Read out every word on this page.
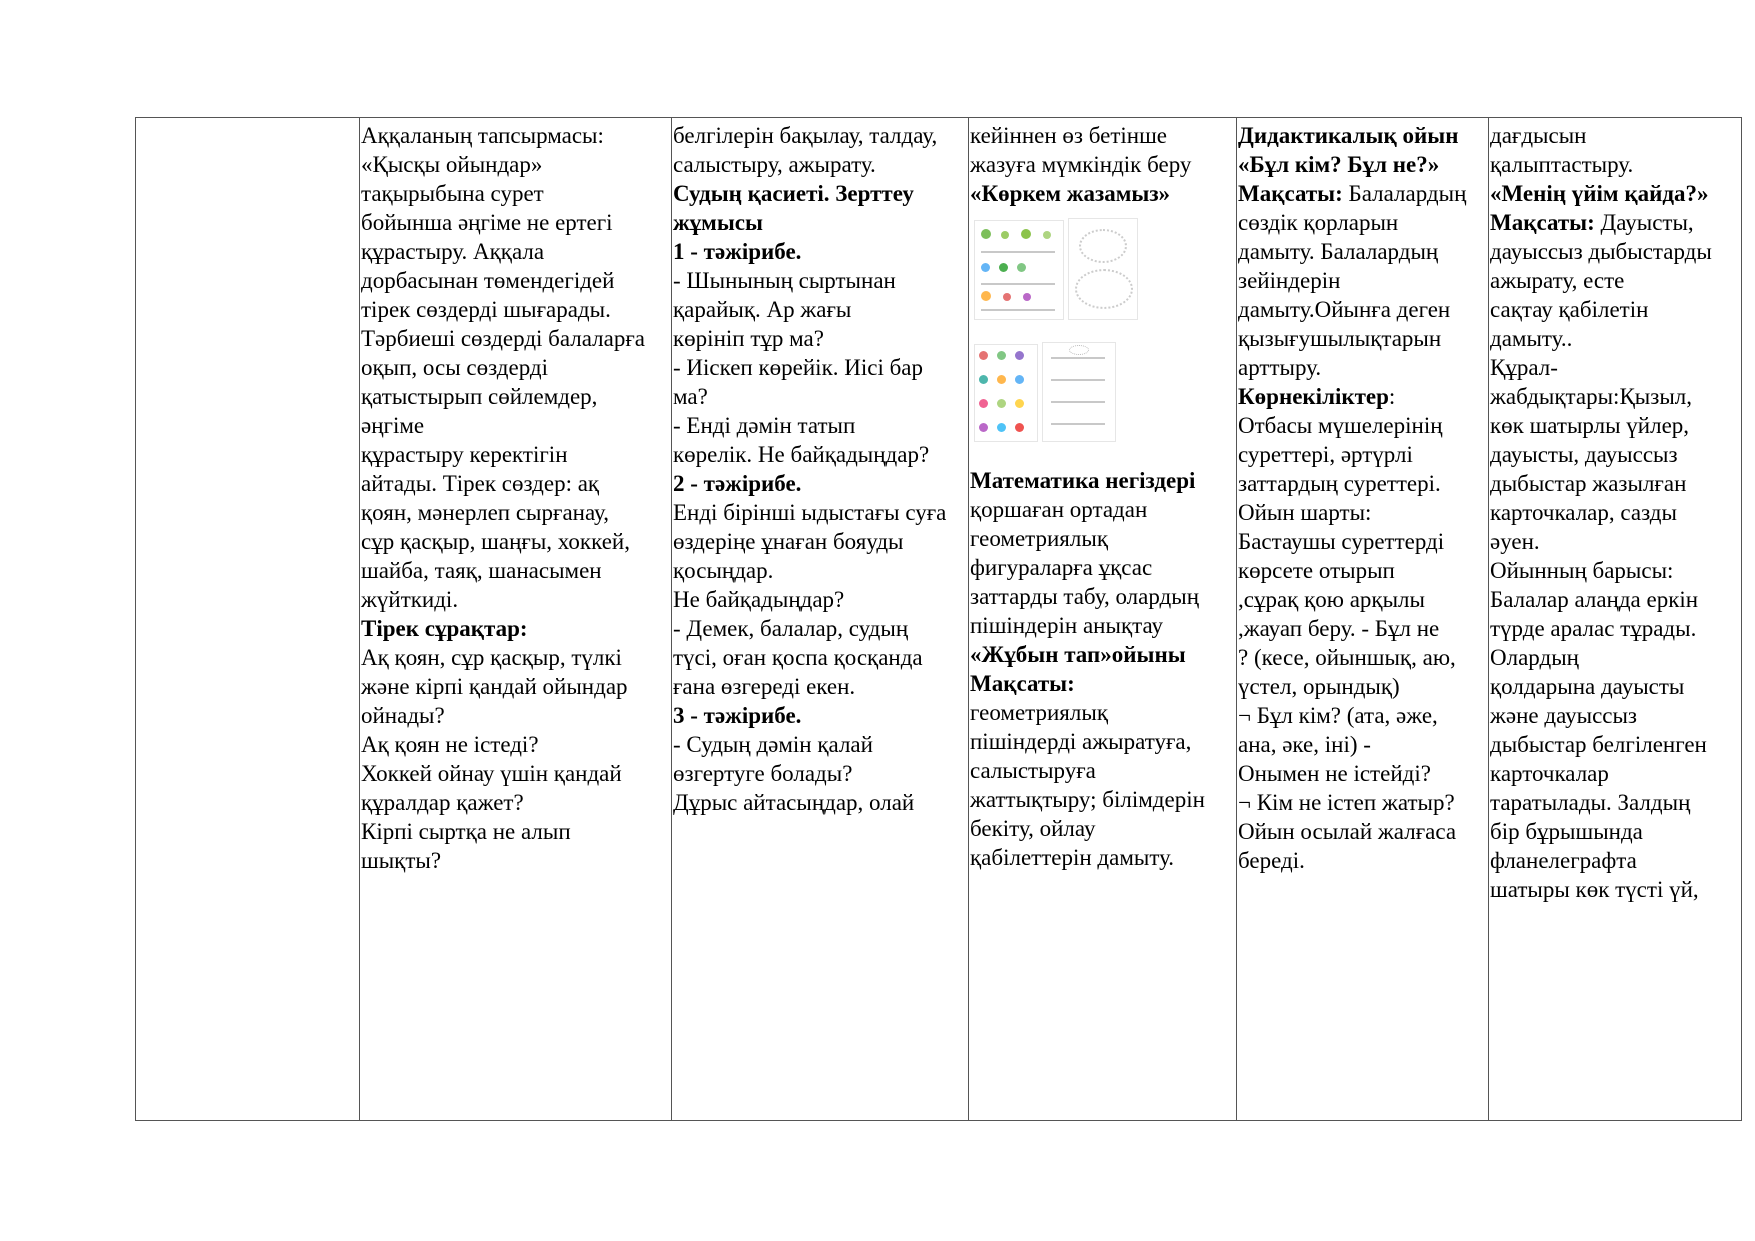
Аққаланың тапсырмасы:
«Қысқы ойындар»
тақырыбына сурет
бойынша әңгіме не ертегі
құрастыру. Аққала
дорбасынан төмендегідей
тірек сөздерді шығарады.
Тәрбиеші сөздерді балаларға
оқып, осы сөздерді
қатыстырып сөйлемдер,
әңгіме
құрастыру керектігін
айтады. Тірек сөздер: ақ
қоян, мәнерлеп сырғанау,
сұр қасқыр, шаңғы, хоккей,
шайба, таяқ, шанасымен
жүйткиді.
Тірек сұрақтар:
Ақ қоян, сұр қасқыр, түлкі
және кірпі қандай ойындар
ойнады?
Ақ қоян не істеді?
Хоккей ойнау үшін қандай
құралдар қажет?
Кірпі сыртқа не алып
шықты?

белгілерін бақылау, талдау,
салыстыру, ажырату.
Судың қасиеті. Зерттеу
жұмысы
1 - тәжірибе.
- Шынының сыртынан
қарайық. Ар жағы
көрініп тұр ма?
- Иіскеп көрейік. Иісі бар
ма?
- Енді дәмін татып
көрелік. Не байқадыңдар?
2 - тәжірибе.
Енді бірінші ыдыстағы суға
өздеріңе ұнаған бояуды
қосыңдар.
Не байқадыңдар?
- Демек, балалар, судың
түсі, оған қоспа қосқанда
ғана өзгереді екен.
3 - тәжірибе.
- Судың дәмін қалай
өзгертуге болады?
Дұрыс айтасыңдар, олай

кейіннен өз бетінше
жазуға мүмкіндік беру
«Көркем жазамыз»
Математика негіздері
қоршаған ортадан
геометриялық
фигураларға ұқсас
заттарды табу, олардың
пішіндерін анықтау
«Жұбын тап»ойыны
Мақсаты:
геометриялық
пішіндерді ажыратуға,
салыстыруға
жаттықтыру; білімдерін
бекіту, ойлау
қабілеттерін дамыту.

Дидактикалық ойын
«Бұл кім? Бұл не?»
Мақсаты: Балалардың
сөздік қорларын
дамыту. Балалардың
зейіндерін
дамыту.Ойынға деген
қызығушылықтарын
арттыру.
Көрнекіліктер:
Отбасы мүшелерінің
суреттері, әртүрлі
заттардың суреттері.
Ойын шарты:
Бастаушы суреттерді
көрсете отырып
,сұрақ қою арқылы
,жауап беру. - Бұл не
? (кесе, ойыншық, аю,
үстел, орындық)
¬ Бұл кім? (ата, әже,
ана, әке, іні) -
Онымен не істейді?
¬ Кім не істеп жатыр?
Ойын осылай жалғаса
береді.

дағдысын
қалыптастыру.
«Менің үйім қайда?»
Мақсаты: Дауысты,
дауыссыз дыбыстарды
ажырату, есте
сақтау қабілетін
дамыту..
Құрал-
жабдықтары:Қызыл,
көк шатырлы үйлер,
дауысты, дауыссыз
дыбыстар жазылған
карточкалар, сазды
әуен.
Ойынның барысы:
Балалар алаңда еркін
түрде аралас тұрады.
Олардың
қолдарына дауысты
және дауыссыз
дыбыстар белгіленген
карточкалар
таратылады. Залдың
бір бұрышында
фланелеграфта
шатыры көк түсті үй,
